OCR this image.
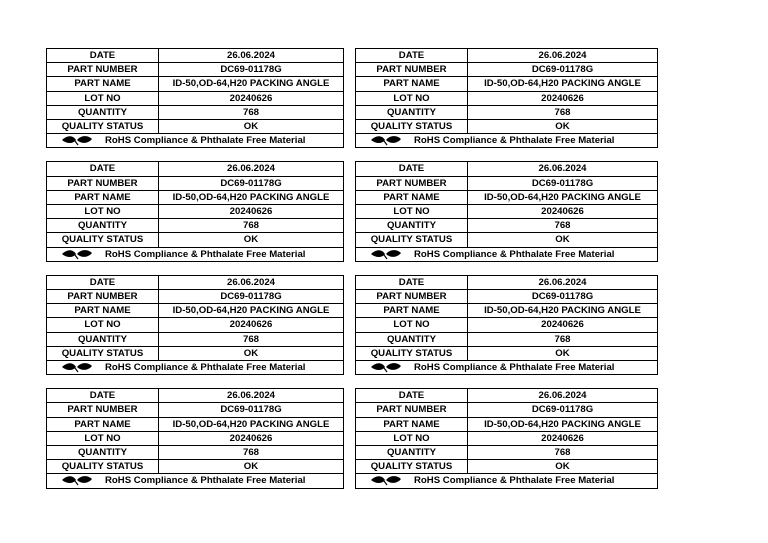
DATE	26.06.2024
PART NUMBER	DC69-01178G
PART NAME	ID-50,OD-64,H20 PACKING ANGLE
LOT NO	20240626
QUANTITY	768
QUALITY STATUS	OK

RoHS Compliance & Phthalate Free Material	
DATE	26.06.2024
PART NUMBER	DC69-01178G
PART NAME	ID-50,OD-64,H20 PACKING ANGLE
LOT NO	20240626
QUANTITY	768
QUALITY STATUS	OK

RoHS Compliance & Phthalate Free Material	
DATE	26.06.2024
PART NUMBER	DC69-01178G
PART NAME	ID-50,OD-64,H20 PACKING ANGLE
LOT NO	20240626
QUANTITY	768
QUALITY STATUS	OK

RoHS Compliance & Phthalate Free Material	
DATE	26.06.2024
PART NUMBER	DC69-01178G
PART NAME	ID-50,OD-64,H20 PACKING ANGLE
LOT NO	20240626
QUANTITY	768
QUALITY STATUS	OK

RoHS Compliance & Phthalate Free Material	
DATE	26.06.2024
PART NUMBER	DC69-01178G
PART NAME	ID-50,OD-64,H20 PACKING ANGLE
LOT NO	20240626
QUANTITY	768
QUALITY STATUS	OK

RoHS Compliance & Phthalate Free Material	
DATE	26.06.2024
PART NUMBER	DC69-01178G
PART NAME	ID-50,OD-64,H20 PACKING ANGLE
LOT NO	20240626
QUANTITY	768
QUALITY STATUS	OK

RoHS Compliance & Phthalate Free Material	
DATE	26.06.2024
PART NUMBER	DC69-01178G
PART NAME	ID-50,OD-64,H20 PACKING ANGLE
LOT NO	20240626
QUANTITY	768
QUALITY STATUS	OK

RoHS Compliance & Phthalate Free Material	
DATE	26.06.2024
PART NUMBER	DC69-01178G
PART NAME	ID-50,OD-64,H20 PACKING ANGLE
LOT NO	20240626
QUANTITY	768
QUALITY STATUS	OK

RoHS Compliance & Phthalate Free Material	
